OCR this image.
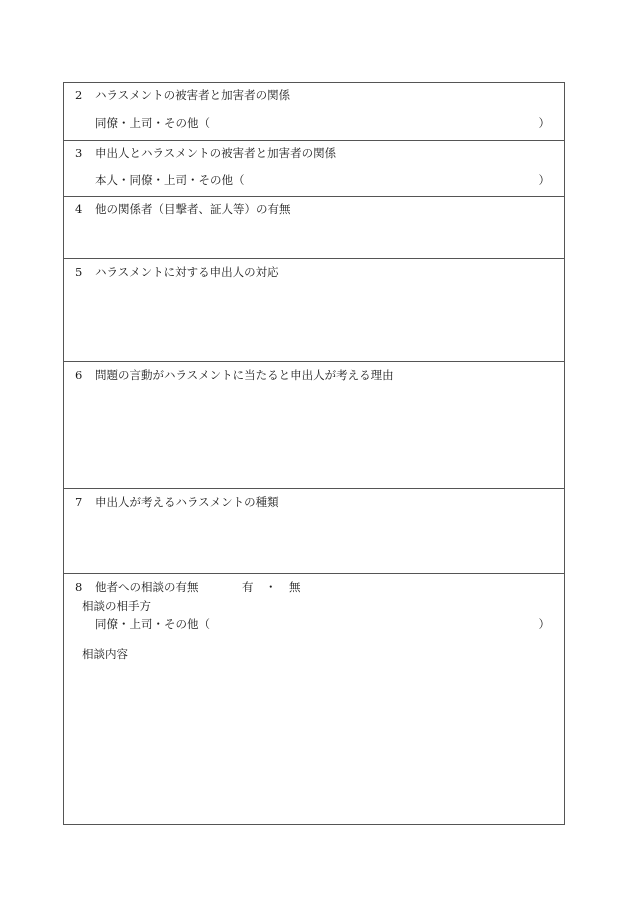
2 ハラスメントの被害者と加害者の関係
同僚・上司・その他（	）
3 申出人とハラスメントの被害者と加害者の関係
本人・同僚・上司・その他（	）
4 他の関係者（目撃者、証人等）の有無
5 ハラスメントに対する申出人の対応
6 問題の言動がハラスメントに当たると申出人が考える理由
7 申出人が考えるハラスメントの種類
8 他者への相談の有無	有 ・ 無
相談の相手方
同僚・上司・その他（	）
相談内容
